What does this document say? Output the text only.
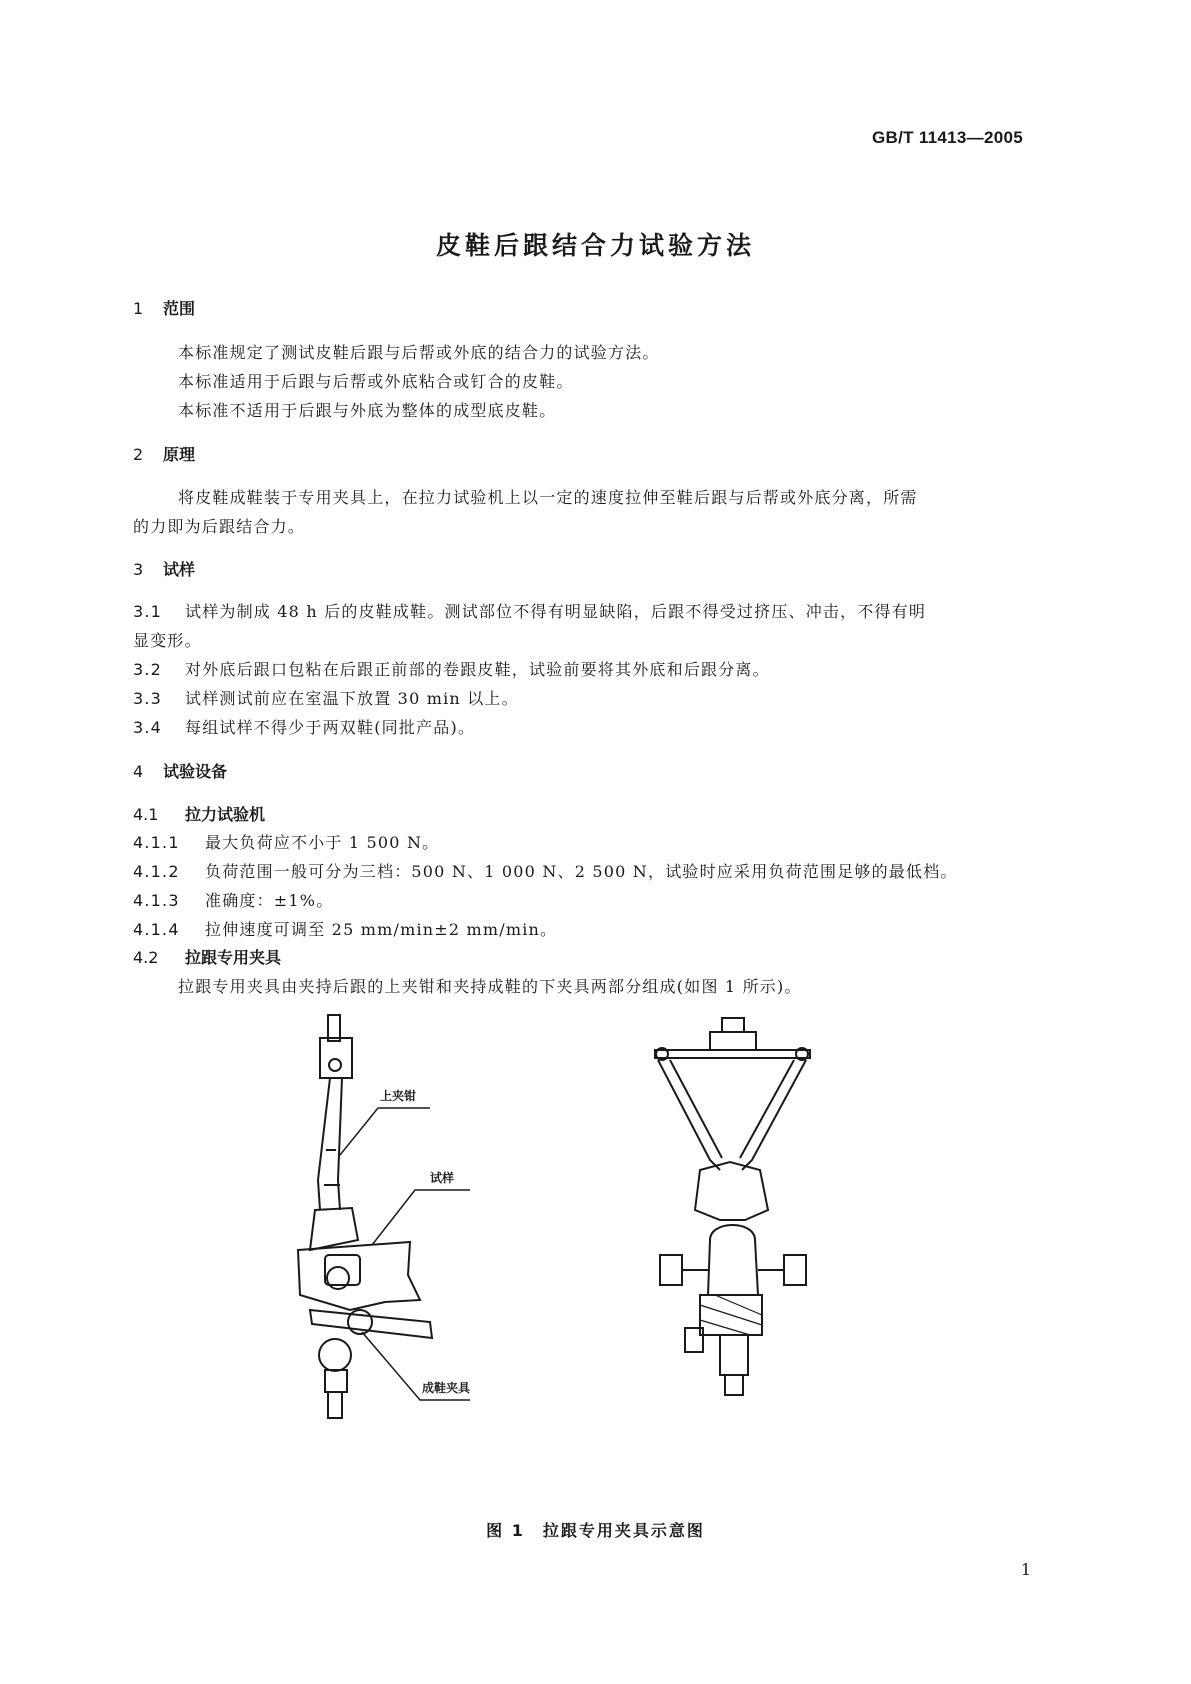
GB/T 11413—2005
皮鞋后跟结合力试验方法
1 范围
本标准规定了测试皮鞋后跟与后帮或外底的结合力的试验方法。
本标准适用于后跟与后帮或外底粘合或钉合的皮鞋。
本标准不适用于后跟与外底为整体的成型底皮鞋。
2 原理
将皮鞋成鞋装于专用夹具上，在拉力试验机上以一定的速度拉伸至鞋后跟与后帮或外底分离，所需
的力即为后跟结合力。
3 试样
3.1 试样为制成 48 h 后的皮鞋成鞋。测试部位不得有明显缺陷，后跟不得受过挤压、冲击，不得有明
显变形。
3.2 对外底后跟口包粘在后跟正前部的卷跟皮鞋，试验前要将其外底和后跟分离。
3.3 试样测试前应在室温下放置 30 min 以上。
3.4 每组试样不得少于两双鞋(同批产品)。
4 试验设备
4.1 拉力试验机
4.1.1 最大负荷应不小于 1 500 N。
4.1.2 负荷范围一般可分为三档：500 N、1 000 N、2 500 N，试验时应采用负荷范围足够的最低档。
4.1.3 准确度：±1%。
4.1.4 拉伸速度可调至 25 mm/min±2 mm/min。
4.2 拉跟专用夹具
拉跟专用夹具由夹持后跟的上夹钳和夹持成鞋的下夹具两部分组成(如图 1 所示)。
上夹钳
试样
成鞋夹具
图 1　拉跟专用夹具示意图
1
